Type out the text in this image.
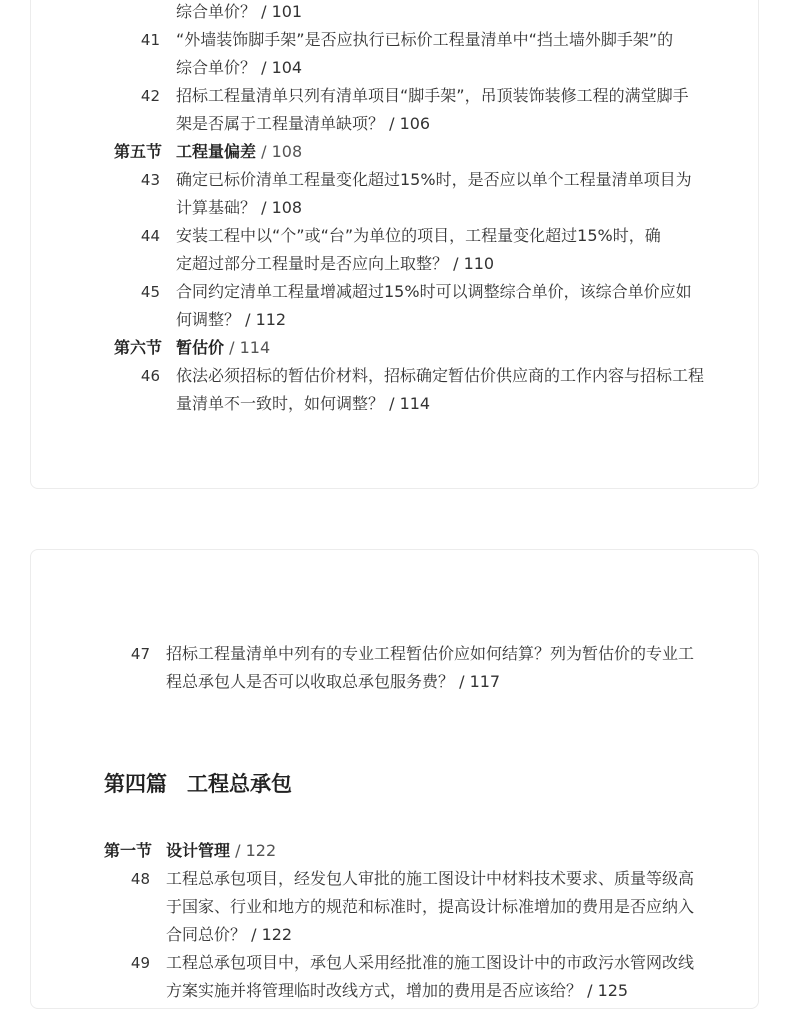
综合单价？ / 101
41 “外墙装饰脚手架”是否应执行已标价工程量清单中“挡土墙外脚手架”的
综合单价？ / 104
42 招标工程量清单只列有清单项目“脚手架”，吊顶装饰装修工程的满堂脚手
架是否属于工程量清单缺项？ / 106
第五节 工程量偏差 / 108
43 确定已标价清单工程量变化超过15%时，是否应以单个工程量清单项目为
计算基础？ / 108
44 安装工程中以“个”或“台”为单位的项目，工程量变化超过15%时，确
定超过部分工程量时是否应向上取整？ / 110
45 合同约定清单工程量增减超过15%时可以调整综合单价，该综合单价应如
何调整？ / 112
第六节 暂估价 / 114
46 依法必须招标的暂估价材料，招标确定暂估价供应商的工作内容与招标工程
量清单不一致时，如何调整？ / 114
47 招标工程量清单中列有的专业工程暂估价应如何结算？列为暂估价的专业工
程总承包人是否可以收取总承包服务费？ / 117
第四篇 工程总承包
第一节 设计管理 / 122
48 工程总承包项目，经发包人审批的施工图设计中材料技术要求、质量等级高
于国家、行业和地方的规范和标准时，提高设计标准增加的费用是否应纳入
合同总价？ / 122
49 工程总承包项目中，承包人采用经批准的施工图设计中的市政污水管网改线
方案实施并将管理临时改线方式，增加的费用是否应该给？ / 125
